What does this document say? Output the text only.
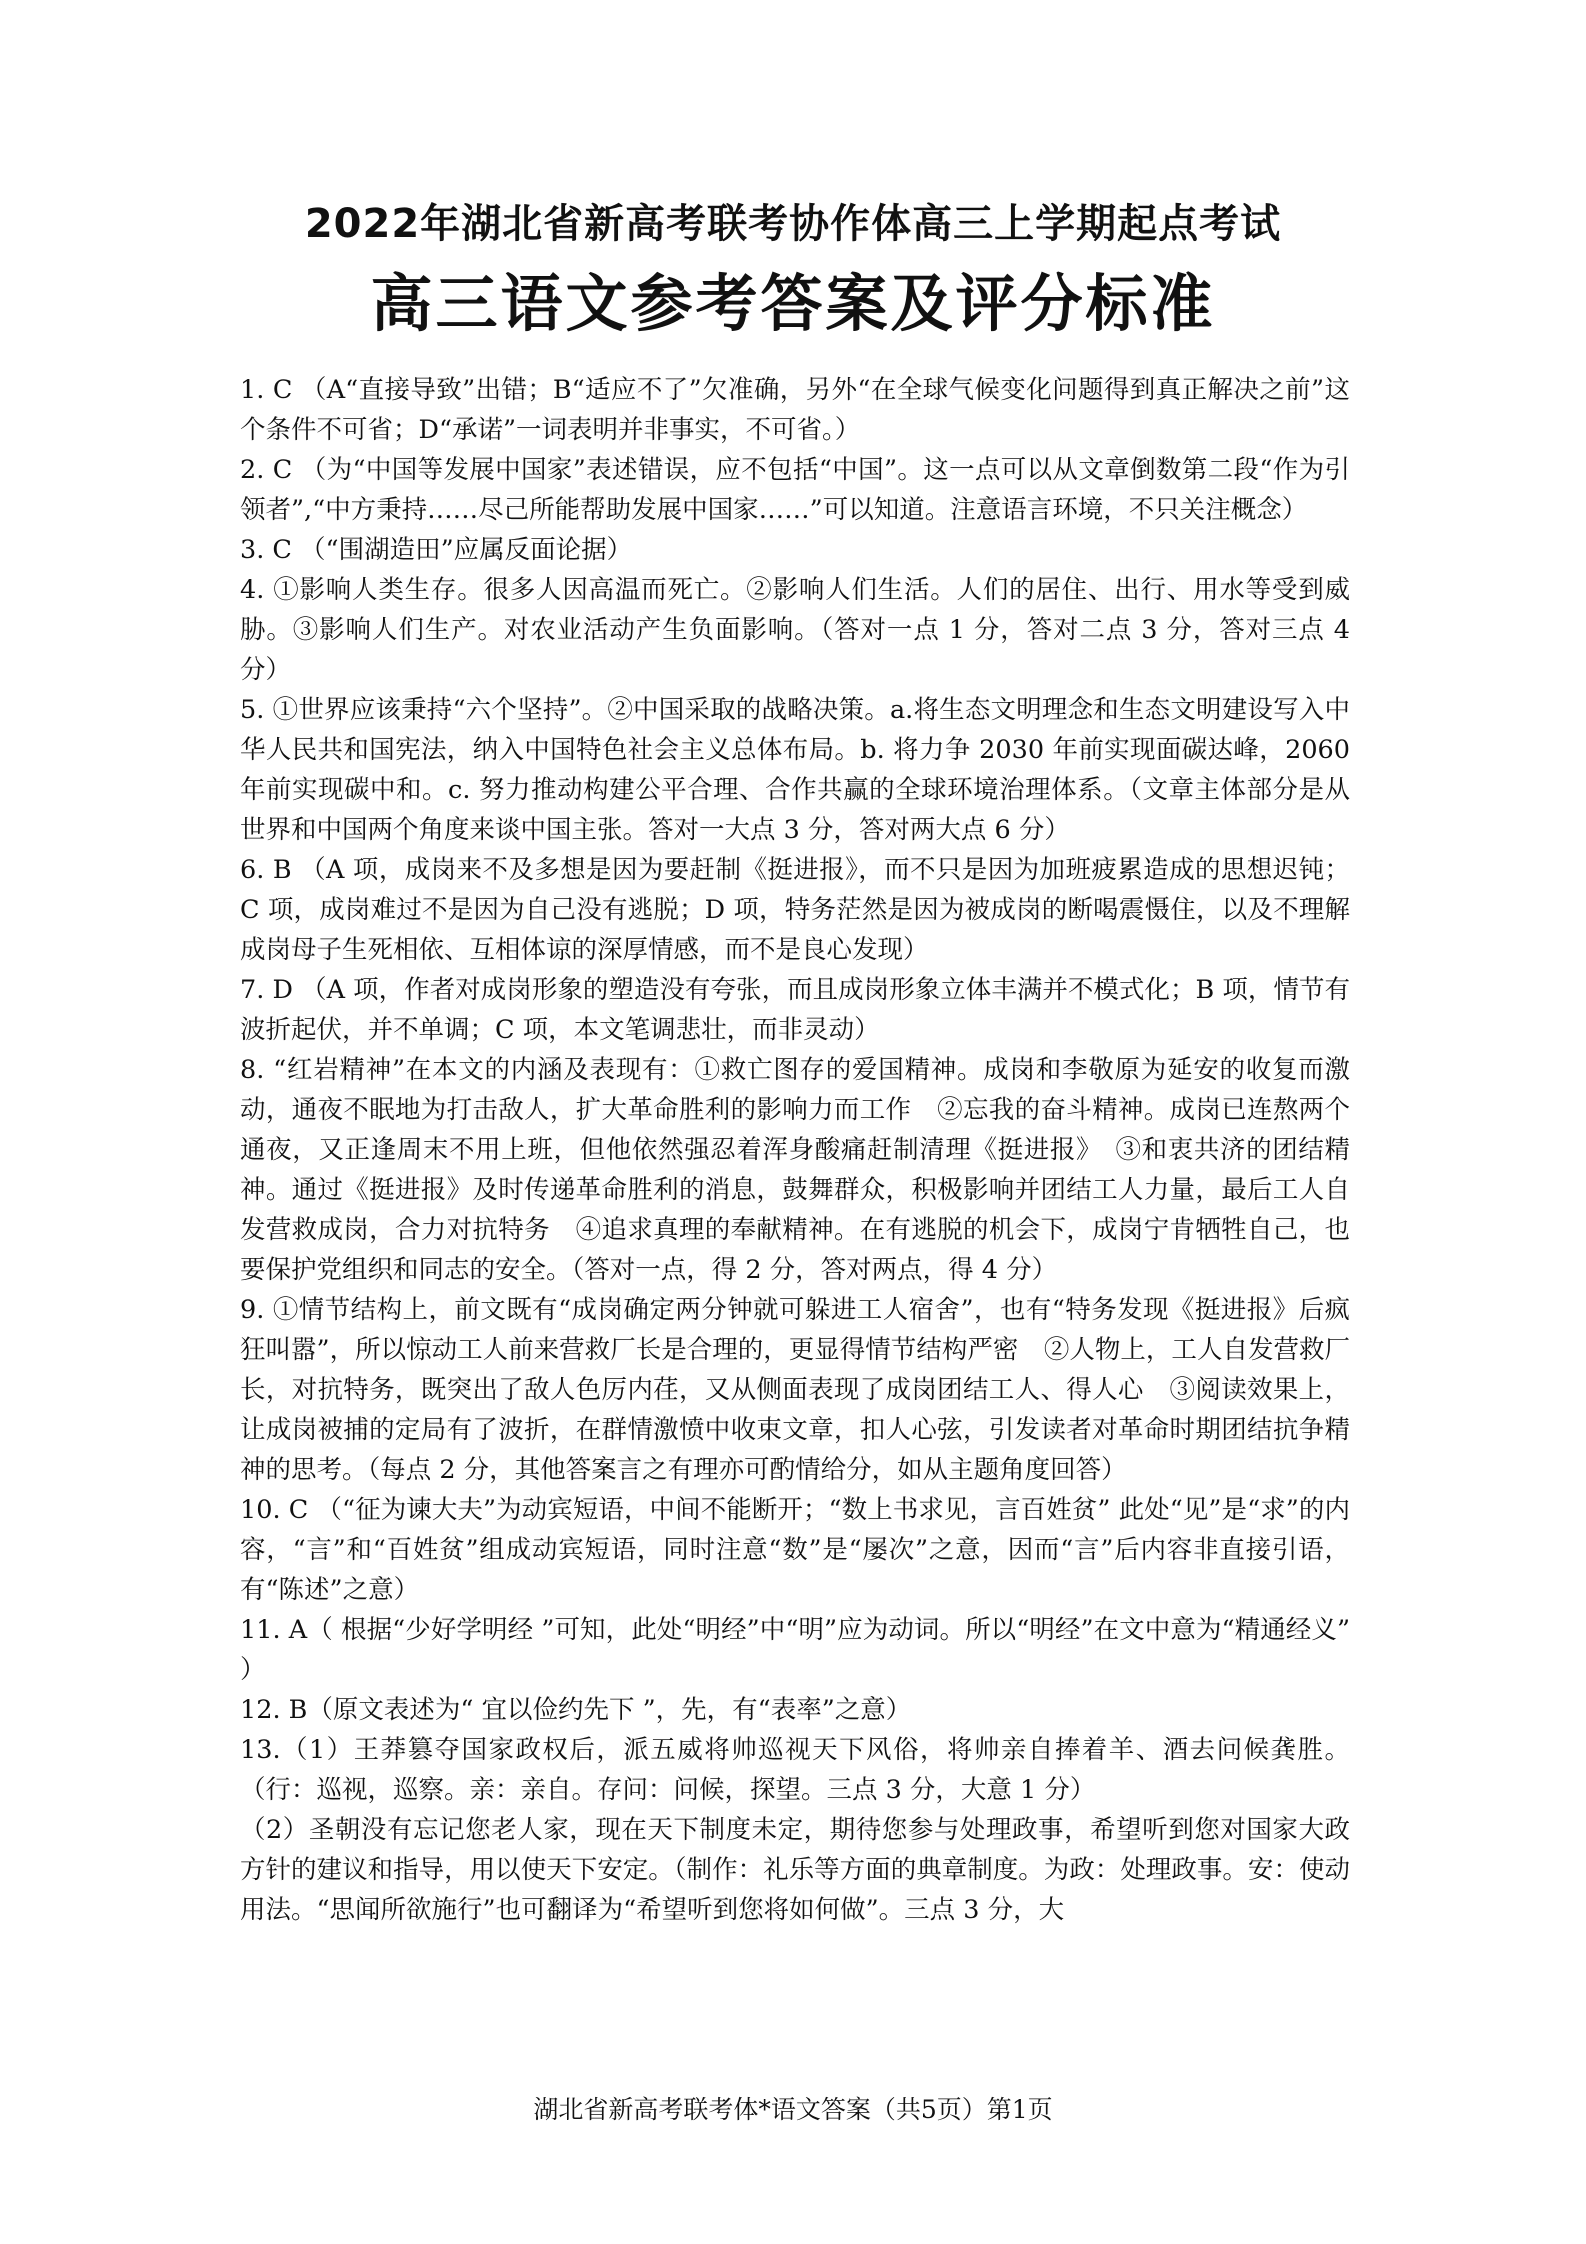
2022年湖北省新高考联考协作体高三上学期起点考试
高三语文参考答案及评分标准

1. C （A“直接导致”出错；B“适应不了”欠准确，另外“在全球气候变化问题得到真正解决之前”这个条件不可省；D“承诺”一词表明并非事实，不可省。）

2. C （为“中国等发展中国家”表述错误，应不包括“中国”。这一点可以从文章倒数第二段“作为引领者”,“中方秉持……尽己所能帮助发展中国家……”可以知道。注意语言环境，不只关注概念）

3. C （“围湖造田”应属反面论据）

4. ①影响人类生存。很多人因高温而死亡。②影响人们生活。人们的居住、出行、用水等受到威胁。③影响人们生产。对农业活动产生负面影响。（答对一点 1 分，答对二点 3 分，答对三点 4 分）

5. ①世界应该秉持“六个坚持”。②中国采取的战略决策。a.将生态文明理念和生态文明建设写入中华人民共和国宪法，纳入中国特色社会主义总体布局。b. 将力争 2030 年前实现面碳达峰，2060 年前实现碳中和。c. 努力推动构建公平合理、合作共赢的全球环境治理体系。（文章主体部分是从世界和中国两个角度来谈中国主张。答对一大点 3 分，答对两大点 6 分）

6. B （A 项，成岗来不及多想是因为要赶制《挺进报》，而不只是因为加班疲累造成的思想迟钝；C 项，成岗难过不是因为自己没有逃脱；D 项，特务茫然是因为被成岗的断喝震慑住，以及不理解成岗母子生死相依、互相体谅的深厚情感，而不是良心发现）

7. D （A 项，作者对成岗形象的塑造没有夸张，而且成岗形象立体丰满并不模式化；B 项，情节有波折起伏，并不单调；C 项，本文笔调悲壮，而非灵动）

8. “红岩精神”在本文的内涵及表现有：①救亡图存的爱国精神。成岗和李敬原为延安的收复而激动，通夜不眠地为打击敌人，扩大革命胜利的影响力而工作　②忘我的奋斗精神。成岗已连熬两个通夜，又正逢周末不用上班，但他依然强忍着浑身酸痛赶制清理《挺进报》　③和衷共济的团结精神。通过《挺进报》及时传递革命胜利的消息，鼓舞群众，积极影响并团结工人力量，最后工人自发营救成岗，合力对抗特务　④追求真理的奉献精神。在有逃脱的机会下，成岗宁肯牺牲自己，也要保护党组织和同志的安全。（答对一点，得 2 分，答对两点，得 4 分）

9. ①情节结构上，前文既有“成岗确定两分钟就可躲进工人宿舍”，也有“特务发现《挺进报》后疯狂叫嚣”，所以惊动工人前来营救厂长是合理的，更显得情节结构严密　②人物上，工人自发营救厂长，对抗特务，既突出了敌人色厉内荏，又从侧面表现了成岗团结工人、得人心　③阅读效果上，让成岗被捕的定局有了波折，在群情激愤中收束文章，扣人心弦，引发读者对革命时期团结抗争精神的思考。（每点 2 分，其他答案言之有理亦可酌情给分，如从主题角度回答）

10. C （“征为谏大夫”为动宾短语，中间不能断开；“数上书求见，言百姓贫” 此处“见”是“求”的内容，“言”和“百姓贫”组成动宾短语，同时注意“数”是“屡次”之意，因而“言”后内容非直接引语，有“陈述”之意）

11. A（ 根据“少好学明经 ”可知，此处“明经”中“明”应为动词。所以“明经”在文中意为“精通经义” ）

12. B（原文表述为“ 宜以俭约先下 ”，先，有“表率”之意）

13.（1）王莽篡夺国家政权后，派五威将帅巡视天下风俗，将帅亲自捧着羊、酒去问候龚胜。（行：巡视，巡察。亲：亲自。存问：问候，探望。三点 3 分，大意 1 分）

（2）圣朝没有忘记您老人家，现在天下制度未定，期待您参与处理政事，希望听到您对国家大政方针的建议和指导，用以使天下安定。（制作：礼乐等方面的典章制度。为政：处理政事。安：使动用法。“思闻所欲施行”也可翻译为“希望听到您将如何做”。三点 3 分，大

湖北省新高考联考体*语文答案（共5页）第1页
